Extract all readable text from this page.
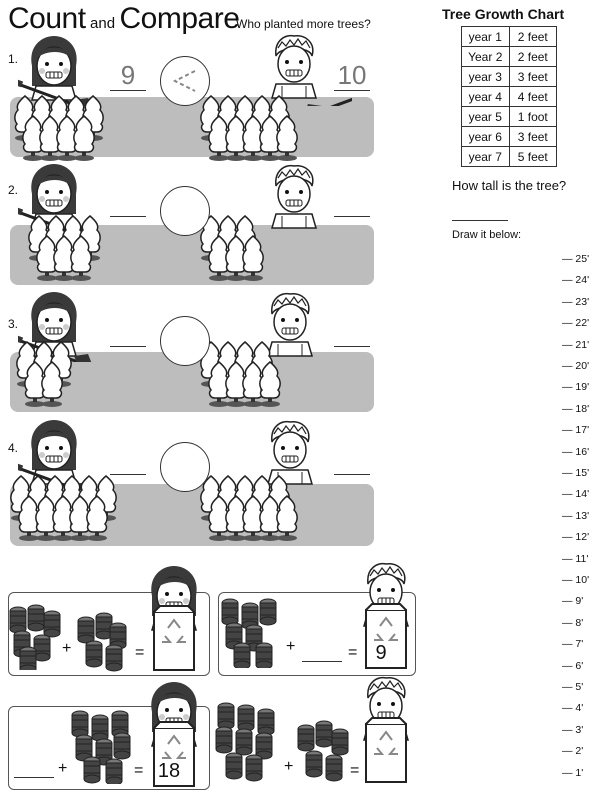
Count and Compare
Who planted more trees?
1.
2.
3.
4.
9	10
Tree Growth Chart
year 1	2 feet
Year 2	2 feet
year 3	3 feet
year 4	4 feet
year 5	1 foot
year 6	3 feet
year 7	5 feet
How tall is the tree?
Draw it below:
— 25'
— 24'
— 23'
— 22'
— 21'
— 20'
— 19'
— 18'
— 17'
— 16'
— 15'
— 14'
— 13'
— 12'
— 11'
— 10'
— 9'
— 8'
— 7'
— 6'
— 5'
— 4'
— 3'
— 2'
— 1'
+	=	+	= 9
+	= 18	+	=
